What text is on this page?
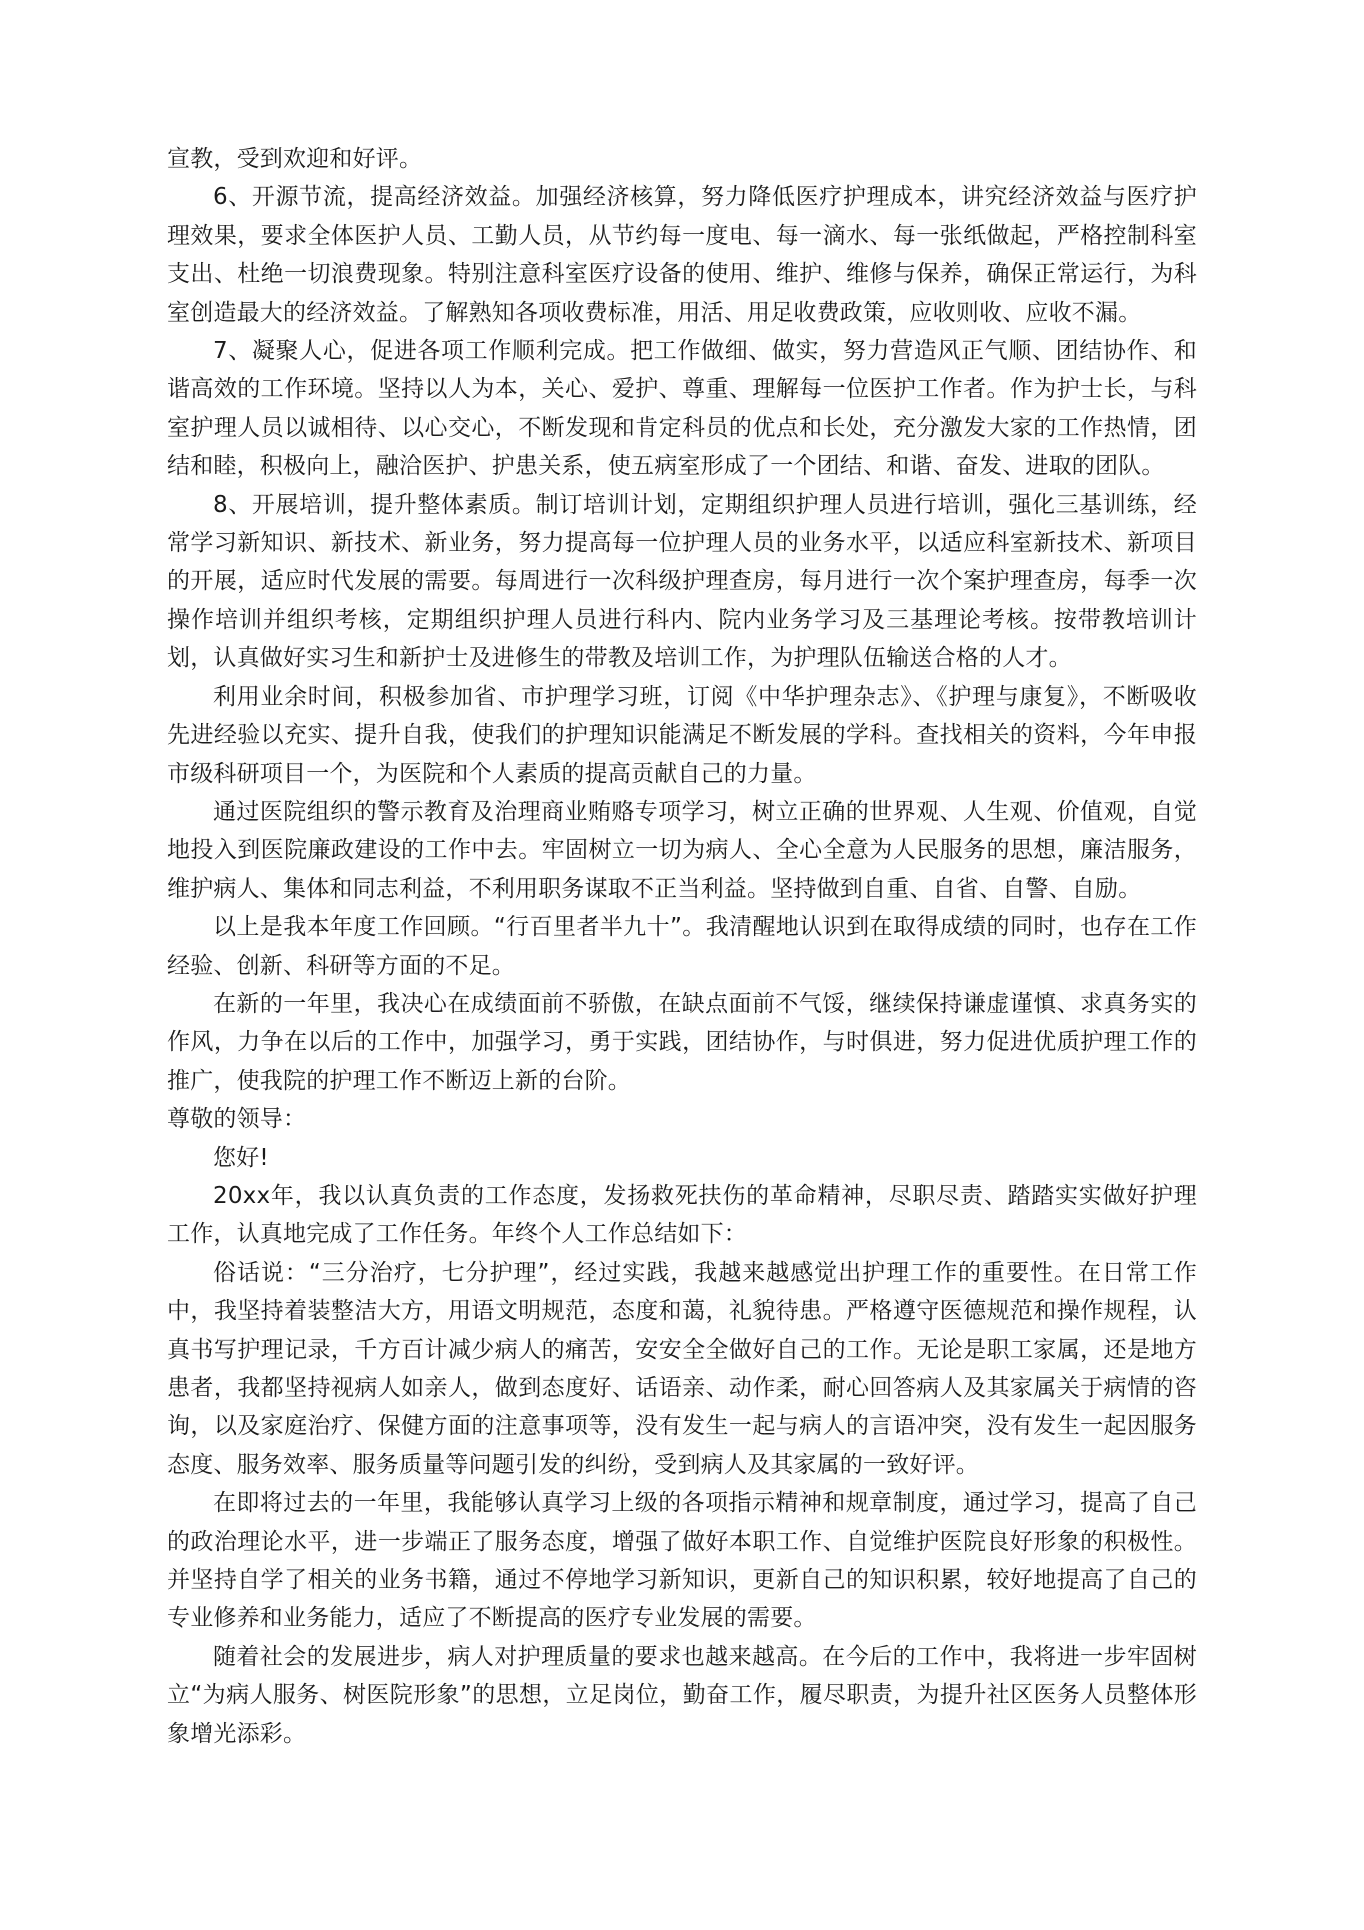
宣教，受到欢迎和好评。

6、开源节流，提高经济效益。加强经济核算，努力降低医疗护理成本，讲究经济效益与医疗护理效果，要求全体医护人员、工勤人员，从节约每一度电、每一滴水、每一张纸做起，严格控制科室支出、杜绝一切浪费现象。特别注意科室医疗设备的使用、维护、维修与保养，确保正常运行，为科室创造最大的经济效益。了解熟知各项收费标准，用活、用足收费政策，应收则收、应收不漏。

7、凝聚人心，促进各项工作顺利完成。把工作做细、做实，努力营造风正气顺、团结协作、和谐高效的工作环境。坚持以人为本，关心、爱护、尊重、理解每一位医护工作者。作为护士长，与科室护理人员以诚相待、以心交心，不断发现和肯定科员的优点和长处，充分激发大家的工作热情，团结和睦，积极向上，融洽医护、护患关系，使五病室形成了一个团结、和谐、奋发、进取的团队。

8、开展培训，提升整体素质。制订培训计划，定期组织护理人员进行培训，强化三基训练，经常学习新知识、新技术、新业务，努力提高每一位护理人员的业务水平，以适应科室新技术、新项目的开展，适应时代发展的需要。每周进行一次科级护理查房，每月进行一次个案护理查房，每季一次操作培训并组织考核，定期组织护理人员进行科内、院内业务学习及三基理论考核。按带教培训计划，认真做好实习生和新护士及进修生的带教及培训工作，为护理队伍输送合格的人才。

利用业余时间，积极参加省、市护理学习班，订阅《中华护理杂志》、《护理与康复》，不断吸收先进经验以充实、提升自我，使我们的护理知识能满足不断发展的学科。查找相关的资料，今年申报市级科研项目一个，为医院和个人素质的提高贡献自己的力量。

通过医院组织的警示教育及治理商业贿赂专项学习，树立正确的世界观、人生观、价值观，自觉地投入到医院廉政建设的工作中去。牢固树立一切为病人、全心全意为人民服务的思想，廉洁服务，维护病人、集体和同志利益，不利用职务谋取不正当利益。坚持做到自重、自省、自警、自励。

以上是我本年度工作回顾。“行百里者半九十”。我清醒地认识到在取得成绩的同时，也存在工作经验、创新、科研等方面的不足。

在新的一年里，我决心在成绩面前不骄傲，在缺点面前不气馁，继续保持谦虚谨慎、求真务实的作风，力争在以后的工作中，加强学习，勇于实践，团结协作，与时俱进，努力促进优质护理工作的推广，使我院的护理工作不断迈上新的台阶。

尊敬的领导：

您好!

20xx年，我以认真负责的工作态度，发扬救死扶伤的革命精神，尽职尽责、踏踏实实做好护理工作，认真地完成了工作任务。年终个人工作总结如下：

俗话说：“三分治疗，七分护理”，经过实践，我越来越感觉出护理工作的重要性。在日常工作中，我坚持着装整洁大方，用语文明规范，态度和蔼，礼貌待患。严格遵守医德规范和操作规程，认真书写护理记录，千方百计减少病人的痛苦，安安全全做好自己的工作。无论是职工家属，还是地方患者，我都坚持视病人如亲人，做到态度好、话语亲、动作柔，耐心回答病人及其家属关于病情的咨询，以及家庭治疗、保健方面的注意事项等，没有发生一起与病人的言语冲突，没有发生一起因服务态度、服务效率、服务质量等问题引发的纠纷，受到病人及其家属的一致好评。

在即将过去的一年里，我能够认真学习上级的各项指示精神和规章制度，通过学习，提高了自己的政治理论水平，进一步端正了服务态度，增强了做好本职工作、自觉维护医院良好形象的积极性。并坚持自学了相关的业务书籍，通过不停地学习新知识，更新自己的知识积累，较好地提高了自己的专业修养和业务能力，适应了不断提高的医疗专业发展的需要。

随着社会的发展进步，病人对护理质量的要求也越来越高。在今后的工作中，我将进一步牢固树立“为病人服务、树医院形象”的思想，立足岗位，勤奋工作，履尽职责，为提升社区医务人员整体形象增光添彩。
